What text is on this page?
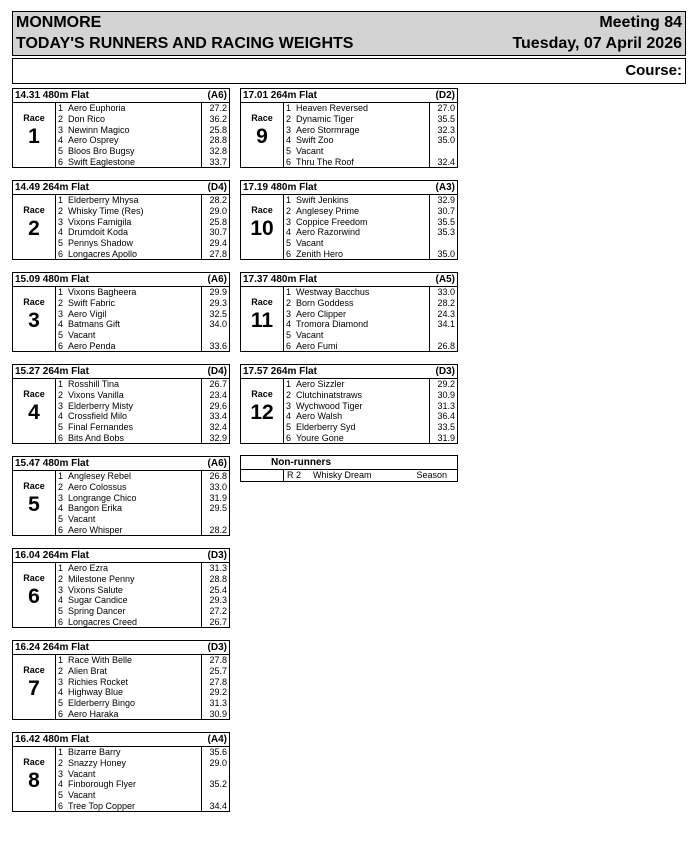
MONMORE
TODAY'S RUNNERS AND RACING WEIGHTS
Meeting 84
Tuesday, 07 April 2026
Course:
14.31 480m Flat	(A6)
Race
1
1 Aero Euphoria	27.2
2 Don Rico	36.2
3 Newinn Magico	25.8
4 Aero Osprey	28.8
5 Bloos Bro Bugsy	32.8
6 Swift Eaglestone	33.7
14.49 264m Flat	(D4)
Race
2
1 Elderberry Mhysa	28.2
2 Whisky Time (Res)	29.0
3 Vixons Famigila	25.8
4 Drumdoit Koda	30.7
5 Pennys Shadow	29.4
6 Longacres Apollo	27.8
15.09 480m Flat	(A6)
Race
3
1 Vixons Bagheera	29.9
2 Swift Fabric	29.3
3 Aero Vigil	32.5
4 Batmans Gift	34.0
5 Vacant
6 Aero Penda	33.6
15.27 264m Flat	(D4)
Race
4
1 Rosshill Tina	26.7
2 Vixons Vanilla	23.4
3 Elderberry Misty	29.6
4 Crossfield Milo	33.4
5 Final Fernandes	32.4
6 Bits And Bobs	32.9
15.47 480m Flat	(A6)
Race
5
1 Anglesey Rebel	26.8
2 Aero Colossus	33.0
3 Longrange Chico	31.9
4 Bangon Erika	29.5
5 Vacant
6 Aero Whisper	28.2
16.04 264m Flat	(D3)
Race
6
1 Aero Ezra	31.3
2 Milestone Penny	28.8
3 Vixons Salute	25.4
4 Sugar Candice	29.3
5 Spring Dancer	27.2
6 Longacres Creed	26.7
16.24 264m Flat	(D3)
Race
7
1 Race With Belle	27.8
2 Alien Brat	25.7
3 Richies Rocket	27.8
4 Highway Blue	29.2
5 Elderberry Bingo	31.3
6 Aero Haraka	30.9
16.42 480m Flat	(A4)
Race
8
1 Bizarre Barry	35.6
2 Snazzy Honey	29.0
3 Vacant
4 Finborough Flyer	35.2
5 Vacant
6 Tree Top Copper	34.4
17.01 264m Flat	(D2)
Race
9
1 Heaven Reversed	27.0
2 Dynamic Tiger	35.5
3 Aero Stormrage	32.3
4 Swift Zoo	35.0
5 Vacant
6 Thru The Roof	32.4
17.19 480m Flat	(A3)
Race
10
1 Swift Jenkins	32.9
2 Anglesey Prime	30.7
3 Coppice Freedom	35.5
4 Aero Razorwind	35.3
5 Vacant
6 Zenith Hero	35.0
17.37 480m Flat	(A5)
Race
11
1 Westway Bacchus	33.0
2 Born Goddess	28.2
3 Aero Clipper	24.3
4 Tromora Diamond	34.1
5 Vacant
6 Aero Fumi	26.8
17.57 264m Flat	(D3)
Race
12
1 Aero Sizzler	29.2
2 Clutchinatstraws	30.9
3 Wychwood Tiger	31.3
4 Aero Walsh	36.4
5 Elderberry Syd	33.5
6 Youre Gone	31.9
Non-runners
R 2 Whisky Dream	Season
